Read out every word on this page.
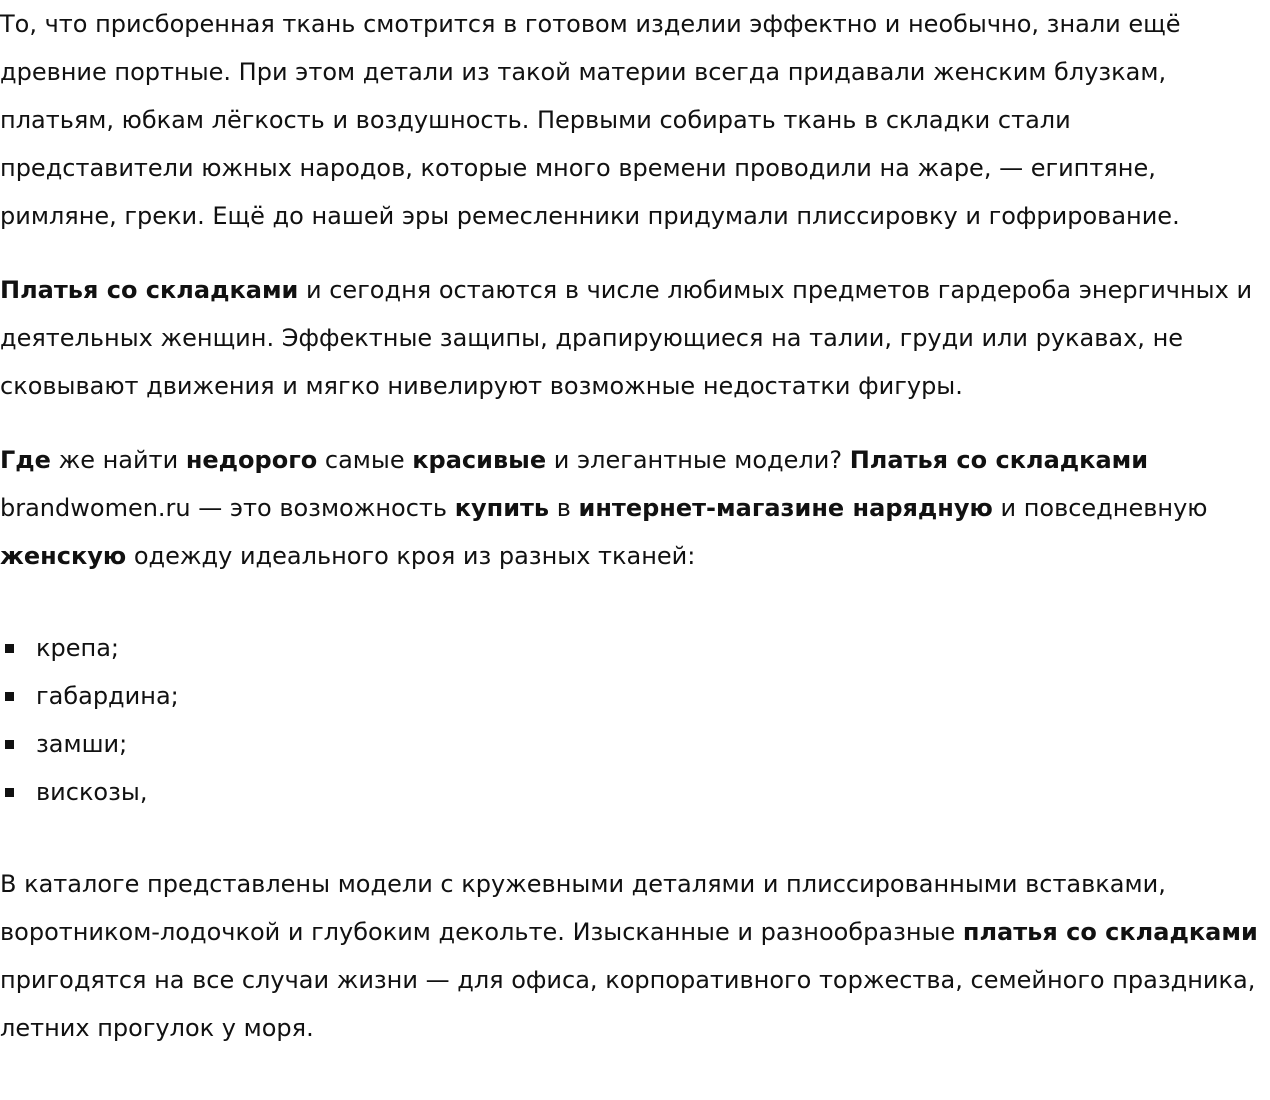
То, что присборенная ткань смотрится в готовом изделии эффектно и необычно, знали ещё древние портные. При этом детали из такой материи всегда придавали женским блузкам, платьям, юбкам лёгкость и воздушность. Первыми собирать ткань в складки стали представители южных народов, которые много времени проводили на жаре, — египтяне, римляне, греки. Ещё до нашей эры ремесленники придумали плиссировку и гофрирование.

Платья со складками и сегодня остаются в числе любимых предметов гардероба энергичных и деятельных женщин. Эффектные защипы, драпирующиеся на талии, груди или рукавах, не сковывают движения и мягко нивелируют возможные недостатки фигуры.

Где же найти недорого самые красивые и элегантные модели? Платья со складками brandwomen.ru — это возможность купить в интернет-магазине нарядную и повседневную женскую одежду идеального кроя из разных тканей:

крепа;
габардина;
замши;
вискозы,

В каталоге представлены модели с кружевными деталями и плиссированными вставками, воротником-лодочкой и глубоким декольте. Изысканные и разнообразные платья со складками пригодятся на все случаи жизни — для офиса, корпоративного торжества, семейного праздника, летних прогулок у моря.
